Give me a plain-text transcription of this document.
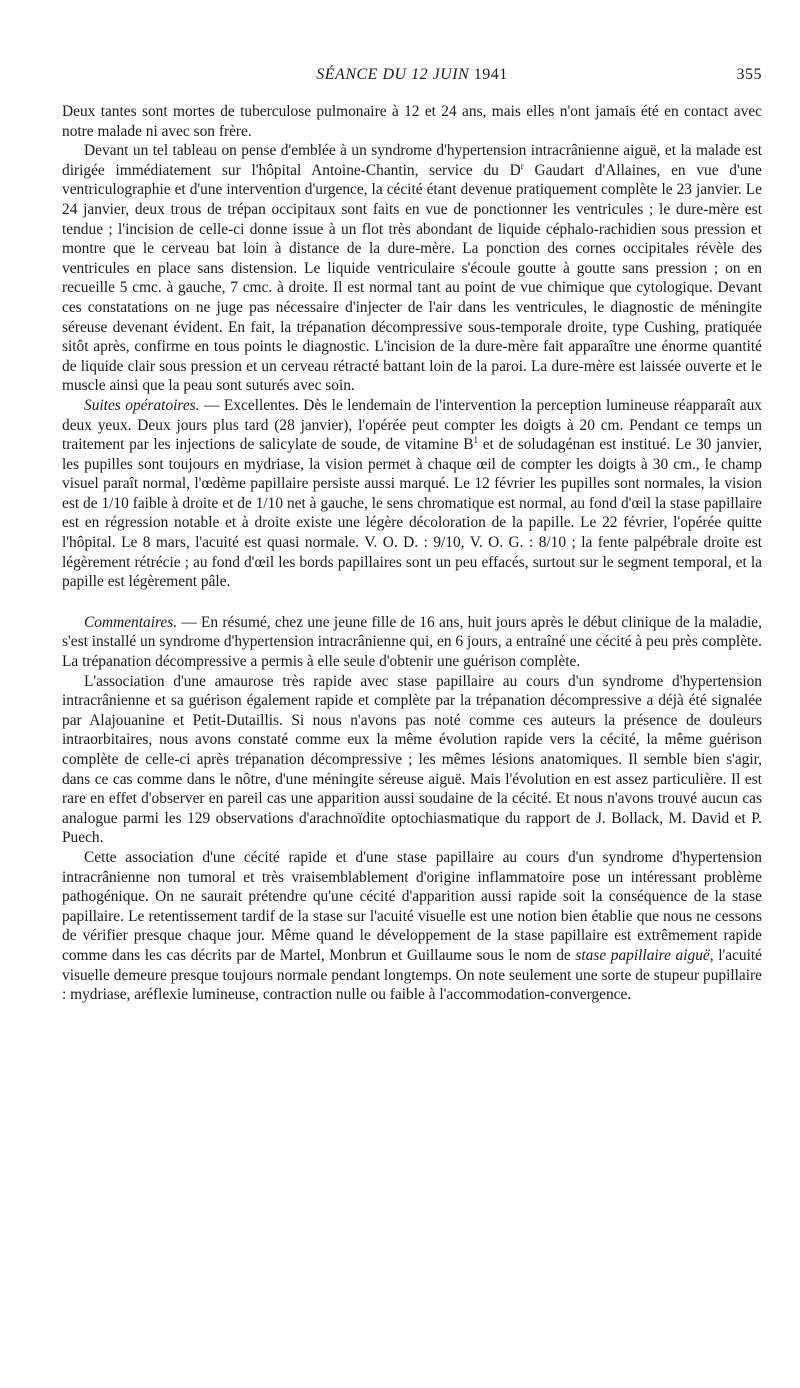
SÉANCE DU 12 JUIN 1941	355

Deux tantes sont mortes de tuberculose pulmonaire à 12 et 24 ans, mais elles n'ont jamais été en contact avec notre malade ni avec son frère.

Devant un tel tableau on pense d'emblée à un syndrome d'hypertension intracrânienne aiguë, et la malade est dirigée immédiatement sur l'hôpital Antoine-Chantin, service du $D^r$ Gaudart d'Allaines, en vue d'une ventriculographie et d'une intervention d'urgence, la cécité étant devenue pratiquement complète le 23 janvier. Le 24 janvier, deux trous de trépan occipitaux sont faits en vue de ponctionner les ventricules ; le dure-mère est tendue ; l'incision de celle-ci donne issue à un flot très abondant de liquide céphalo-rachidien sous pression et montre que le cerveau bat loin à distance de la dure-mère. La ponction des cornes occipitales révèle des ventricules en place sans distension. Le liquide ventriculaire s'écoule goutte à goutte sans pression ; on en recueille 5 cmc. à gauche, 7 cmc. à droite. Il est normal tant au point de vue chimique que cytologique. Devant ces constatations on ne juge pas nécessaire d'injecter de l'air dans les ventricules, le diagnostic de méningite séreuse devenant évident. En fait, la trépanation décompressive sous-temporale droite, type Cushing, pratiquée sitôt après, confirme en tous points le diagnostic. L'incision de la dure-mère fait apparaître une énorme quantité de liquide clair sous pression et un cerveau rétracté battant loin de la paroi. La dure-mère est laissée ouverte et le muscle ainsi que la peau sont suturés avec soin.

Suites opératoires. — Excellentes. Dès le lendemain de l'intervention la perception lumineuse réapparaît aux deux yeux. Deux jours plus tard (28 janvier), l'opérée peut compter les doigts à 20 cm. Pendant ce temps un traitement par les injections de salicylate de soude, de vitamine $B^1$ et de soludagénan est institué. Le 30 janvier, les pupilles sont toujours en mydriase, la vision permet à chaque œil de compter les doigts à 30 cm., le champ visuel paraît normal, l'œdème papillaire persiste aussi marqué. Le 12 février les pupilles sont normales, la vision est de 1/10 faible à droite et de 1/10 net à gauche, le sens chromatique est normal, au fond d'œil la stase papillaire est en régression notable et à droite existe une légère décoloration de la papille. Le 22 février, l'opérée quitte l'hôpital. Le 8 mars, l'acuité est quasi normale. V. O. D. : 9/10, V. O. G. : 8/10 ; la fente palpébrale droite est légèrement rétrécie ; au fond d'œil les bords papillaires sont un peu effacés, surtout sur le segment temporal, et la papille est légèrement pâle.

Commentaires. — En résumé, chez une jeune fille de 16 ans, huit jours après le début clinique de la maladie, s'est installé un syndrome d'hypertension intracrânienne qui, en 6 jours, a entraîné une cécité à peu près complète. La trépanation décompressive a permis à elle seule d'obtenir une guérison complète.

L'association d'une amaurose très rapide avec stase papillaire au cours d'un syndrome d'hypertension intracrânienne et sa guérison également rapide et complète par la trépanation décompressive a déjà été signalée par Alajouanine et Petit-Dutaillis. Si nous n'avons pas noté comme ces auteurs la présence de douleurs intraorbitaires, nous avons constaté comme eux la même évolution rapide vers la cécité, la même guérison complète de celle-ci après trépanation décompressive ; les mêmes lésions anatomiques. Il semble bien s'agir, dans ce cas comme dans le nôtre, d'une méningite séreuse aiguë. Mais l'évolution en est assez particulière. Il est rare en effet d'observer en pareil cas une apparition aussi soudaine de la cécité. Et nous n'avons trouvé aucun cas analogue parmi les 129 observations d'arachnoïdite optochiasmatique du rapport de J. Bollack, M. David et P. Puech.

Cette association d'une cécité rapide et d'une stase papillaire au cours d'un syndrome d'hypertension intracrânienne non tumoral et très vraisemblablement d'origine inflammatoire pose un intéressant problème pathogénique. On ne saurait prétendre qu'une cécité d'apparition aussi rapide soit la conséquence de la stase papillaire. Le retentissement tardif de la stase sur l'acuité visuelle est une notion bien établie que nous ne cessons de vérifier presque chaque jour. Même quand le développement de la stase papillaire est extrêmement rapide comme dans les cas décrits par de Martel, Monbrun et Guillaume sous le nom de stase papillaire aiguë, l'acuité visuelle demeure presque toujours normale pendant longtemps. On note seulement une sorte de stupeur pupillaire : mydriase, aréflexie lumineuse, contraction nulle ou faible à l'accommodation-convergence.
